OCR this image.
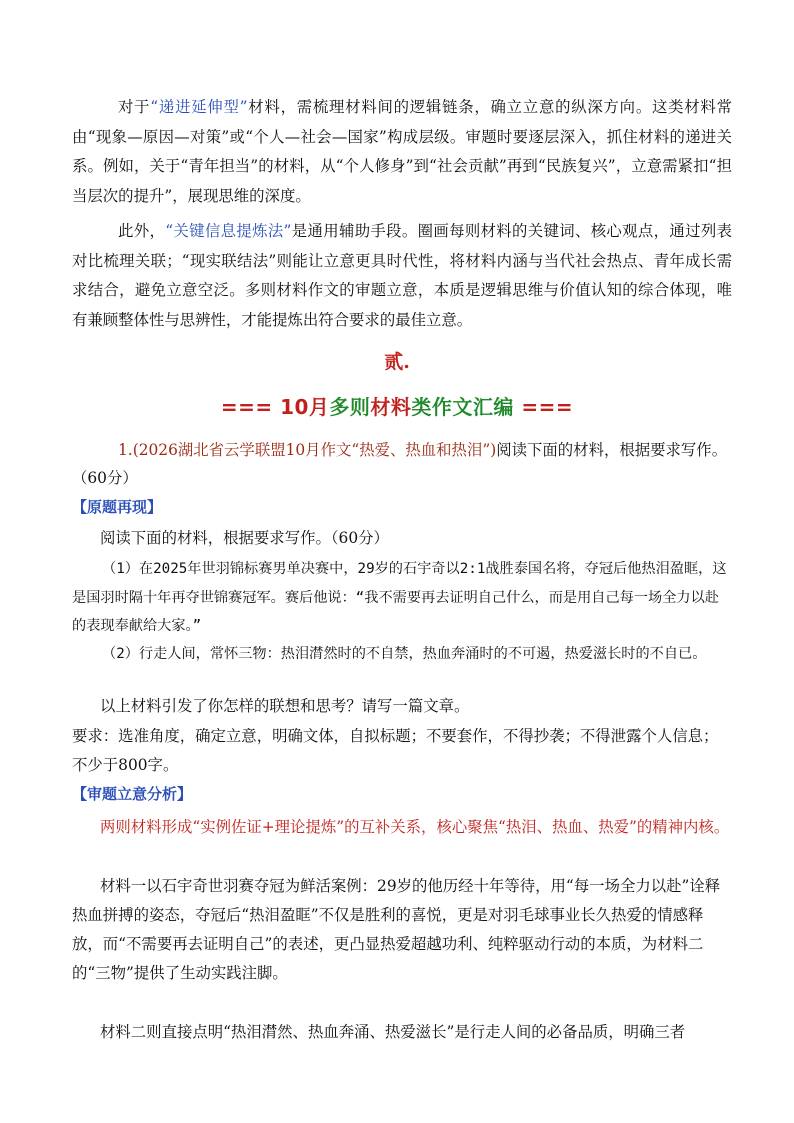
对于“递进延伸型”材料，需梳理材料间的逻辑链条，确立立意的纵深方向。这类材料常由“现象—原因—对策”或“个人—社会—国家”构成层级。审题时要逐层深入，抓住材料的递进关系。例如，关于“青年担当”的材料，从“个人修身”到“社会贡献”再到“民族复兴”，立意需紧扣“担当层次的提升”，展现思维的深度。

此外，“关键信息提炼法”是通用辅助手段。圈画每则材料的关键词、核心观点，通过列表对比梳理关联；“现实联结法”则能让立意更具时代性，将材料内涵与当代社会热点、青年成长需求结合，避免立意空泛。多则材料作文的审题立意，本质是逻辑思维与价值认知的综合体现，唯有兼顾整体性与思辨性，才能提炼出符合要求的最佳立意。

贰.

=== 10月多则材料类作文汇编 ===

1.(2026湖北省云学联盟10月作文“热爱、热血和热泪”)阅读下面的材料，根据要求写作。（60分）

【原题再现】

阅读下面的材料，根据要求写作。（60分）

（1）在2025年世羽锦标赛男单决赛中，29岁的石宇奇以2:1战胜泰国名将，夺冠后他热泪盈眶，这是国羽时隔十年再夺世锦赛冠军。赛后他说：“我不需要再去证明自己什么，而是用自己每一场全力以赴的表现奉献给大家。”

（2）行走人间，常怀三物：热泪潸然时的不自禁，热血奔涌时的不可遏，热爱滋长时的不自已。

以上材料引发了你怎样的联想和思考？请写一篇文章。

要求：选准角度，确定立意，明确文体，自拟标题；不要套作，不得抄袭；不得泄露个人信息；不少于800字。

【审题立意分析】

两则材料形成“实例佐证+理论提炼”的互补关系，核心聚焦“热泪、热血、热爱”的精神内核。

材料一以石宇奇世羽赛夺冠为鲜活案例：29岁的他历经十年等待，用“每一场全力以赴”诠释热血拼搏的姿态，夺冠后“热泪盈眶”不仅是胜利的喜悦，更是对羽毛球事业长久热爱的情感释放，而“不需要再去证明自己”的表述，更凸显热爱超越功利、纯粹驱动行动的本质，为材料二的“三物”提供了生动实践注脚。

材料二则直接点明“热泪潸然、热血奔涌、热爱滋长”是行走人间的必备品质，明确三者
